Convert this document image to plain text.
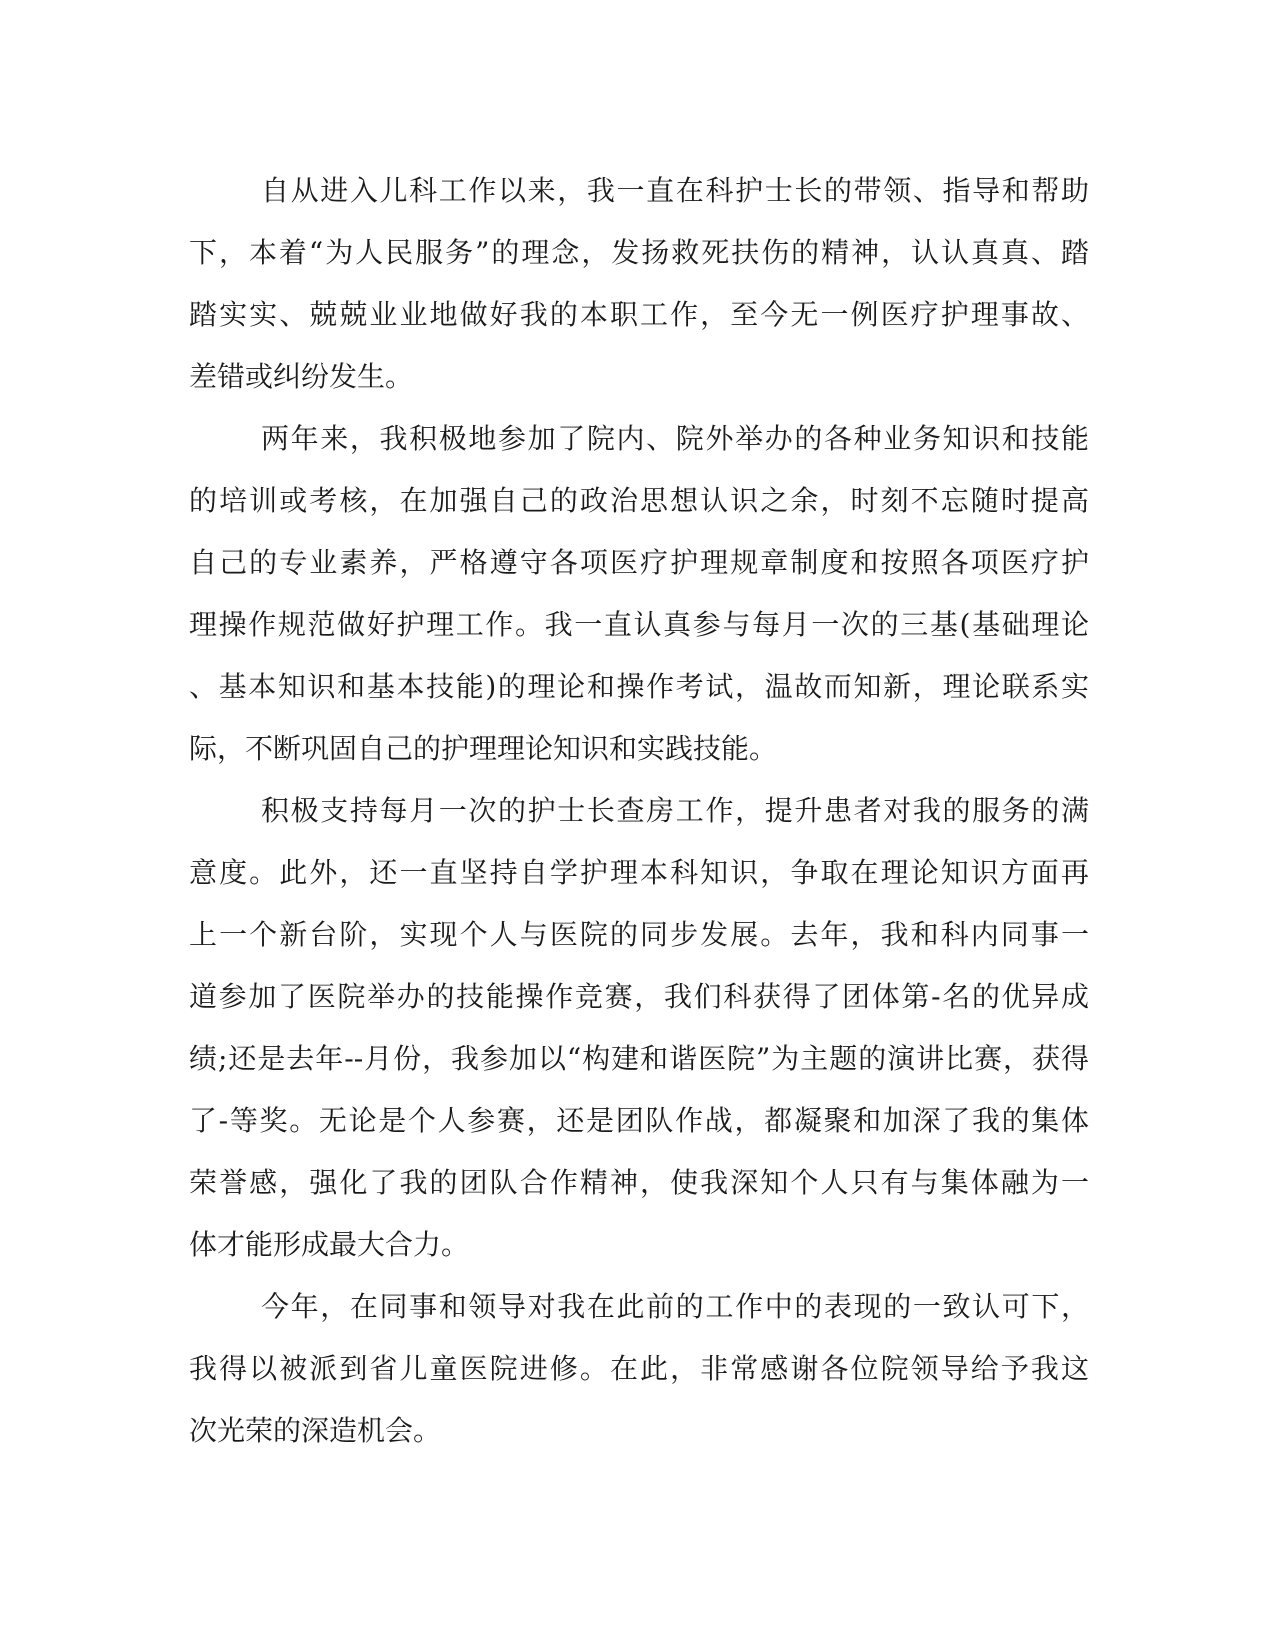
自从进入儿科工作以来，我一直在科护士长的带领、指导和帮助
下，本着“为人民服务”的理念，发扬救死扶伤的精神，认认真真、踏
踏实实、兢兢业业地做好我的本职工作，至今无一例医疗护理事故、
差错或纠纷发生。

两年来，我积极地参加了院内、院外举办的各种业务知识和技能
的培训或考核，在加强自己的政治思想认识之余，时刻不忘随时提高
自己的专业素养，严格遵守各项医疗护理规章制度和按照各项医疗护
理操作规范做好护理工作。我一直认真参与每月一次的三基(基础理论
、基本知识和基本技能)的理论和操作考试，温故而知新，理论联系实
际，不断巩固自己的护理理论知识和实践技能。

积极支持每月一次的护士长查房工作，提升患者对我的服务的满
意度。此外，还一直坚持自学护理本科知识，争取在理论知识方面再
上一个新台阶，实现个人与医院的同步发展。去年，我和科内同事一
道参加了医院举办的技能操作竞赛，我们科获得了团体第-名的优异成
绩;还是去年--月份，我参加以“构建和谐医院”为主题的演讲比赛，获得
了-等奖。无论是个人参赛，还是团队作战，都凝聚和加深了我的集体
荣誉感，强化了我的团队合作精神，使我深知个人只有与集体融为一
体才能形成最大合力。

今年，在同事和领导对我在此前的工作中的表现的一致认可下，
我得以被派到省儿童医院进修。在此，非常感谢各位院领导给予我这
次光荣的深造机会。
